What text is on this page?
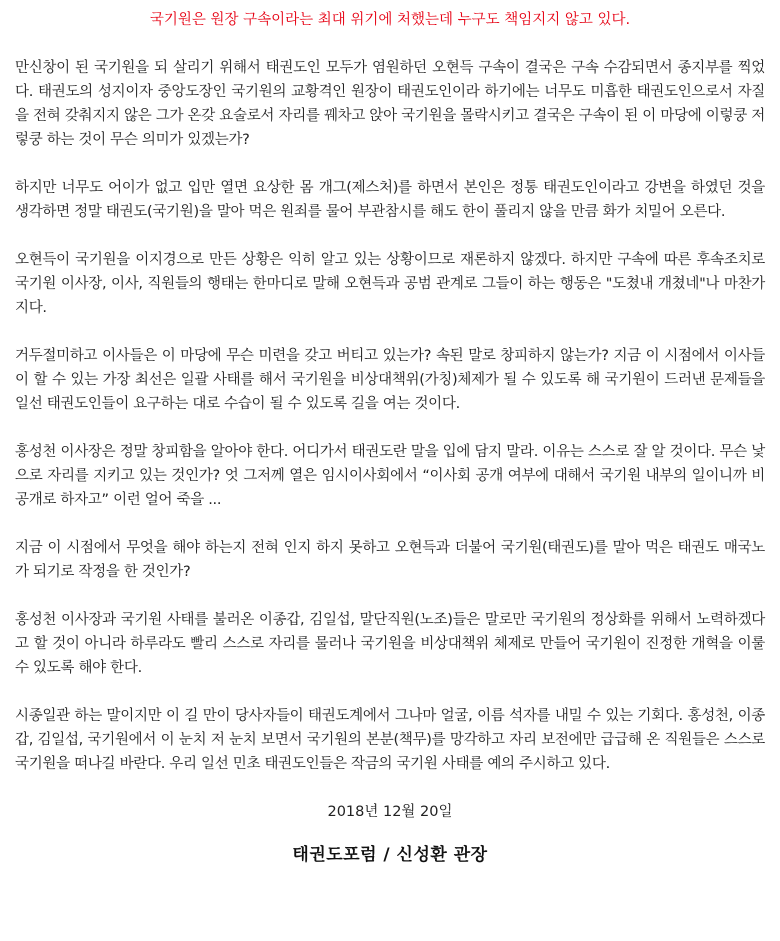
국기원은 원장 구속이라는 최대 위기에 처했는데 누구도 책임지지 않고 있다.

만신창이 된 국기원을 되 살리기 위해서 태권도인 모두가 염원하던 오현득 구속이 결국은 구속 수감되면서 종지부를 찍었다. 태권도의 성지이자 중앙도장인 국기원의 교황격인 원장이 태권도인이라 하기에는 너무도 미흡한 태권도인으로서 자질을 전혀 갖춰지지 않은 그가 온갖 요술로서 자리를 꿰차고 앉아 국기원을 몰락시키고 결국은 구속이 된 이 마당에 이렇쿵 저렇쿵 하는 것이 무슨 의미가 있겠는가?

하지만 너무도 어이가 없고 입만 열면 요상한 몸 개그(제스처)를 하면서 본인은 정통 태권도인이라고 강변을 하였던 것을 생각하면 정말 태권도(국기원)을 말아 먹은 원죄를 물어 부관참시를 해도 한이 풀리지 않을 만큼 화가 치밀어 오른다.

오현득이 국기원을 이지경으로 만든 상황은 익히 알고 있는 상황이므로 재론하지 않겠다. 하지만 구속에 따른 후속조치로 국기원 이사장, 이사, 직원들의 행태는 한마디로 말해 오현득과 공범 관계로 그들이 하는 행동은 "도쳤내 개쳤네"나 마찬가지다.

거두절미하고 이사들은 이 마당에 무슨 미련을 갖고 버티고 있는가? 속된 말로 창피하지 않는가? 지금 이 시점에서 이사들이 할 수 있는 가장 최선은 일괄 사태를 해서 국기원을 비상대책위(가칭)체제가 될 수 있도록 해 국기원이 드러낸 문제들을 일선 태권도인들이 요구하는 대로 수습이 될 수 있도록 길을 여는 것이다.

홍성천 이사장은 정말 창피함을 알아야 한다. 어디가서 태권도란 말을 입에 담지 말라. 이유는 스스로 잘 알 것이다. 무슨 낯으로 자리를 지키고 있는 것인가? 엇 그저께 열은 임시이사회에서 “이사회 공개 여부에 대해서 국기원 내부의 일이니까 비공개로 하자고” 이런 얼어 죽을 ...

지금 이 시점에서 무엇을 해야 하는지 전혀 인지 하지 못하고 오현득과 더불어 국기원(태권도)를 말아 먹은 태권도 매국노가 되기로 작정을 한 것인가?

홍성천 이사장과 국기원 사태를 불러온 이종갑, 김일섭, 말단직원(노조)들은 말로만 국기원의 정상화를 위해서 노력하겠다고 할 것이 아니라 하루라도 빨리 스스로 자리를 물러나 국기원을 비상대책위 체제로 만들어 국기원이 진정한 개혁을 이룰수 있도록 해야 한다.

시종일관 하는 말이지만 이 길 만이 당사자들이 태권도계에서 그나마 얼굴, 이름 석자를 내밀 수 있는 기회다. 홍성천, 이종갑, 김일섭, 국기원에서 이 눈치 저 눈치 보면서 국기원의 본분(책무)를 망각하고 자리 보전에만 급급해 온 직원들은 스스로 국기원을 떠나길 바란다. 우리 일선 민초 태권도인들은 작금의 국기원 사태를 예의 주시하고 있다.

2018년 12월 20일

태권도포럼 / 신성환 관장
